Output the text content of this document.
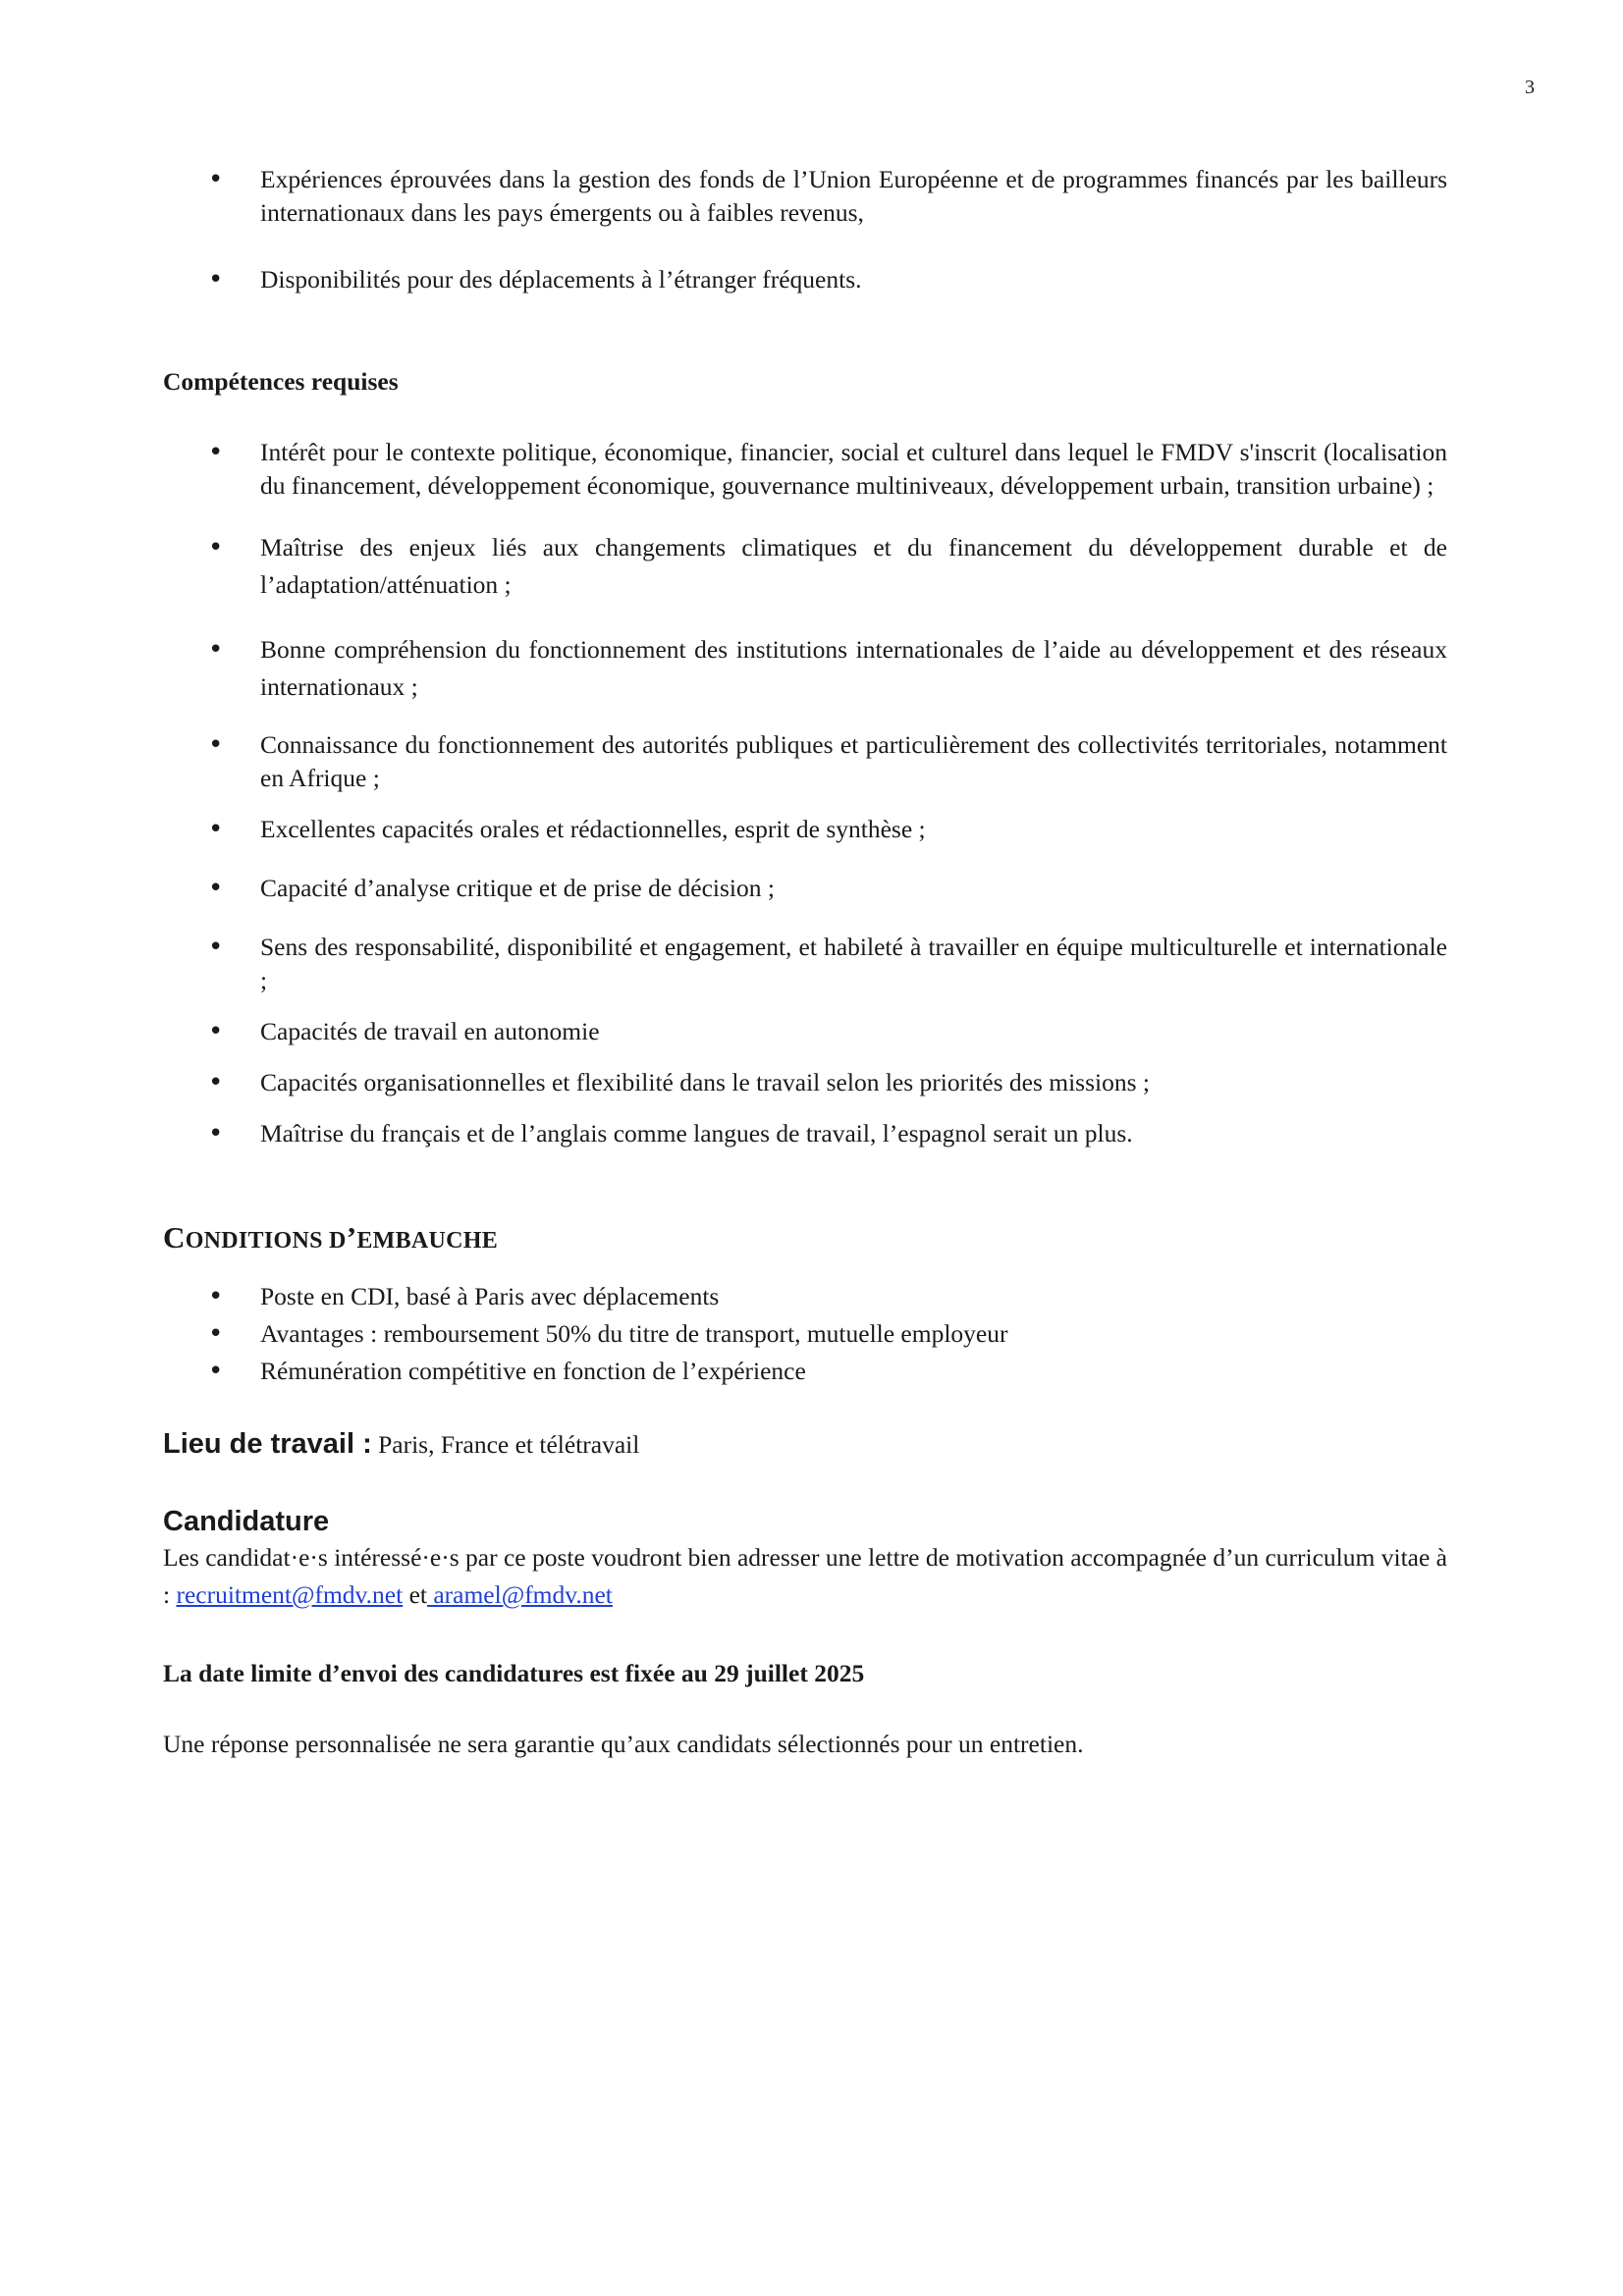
3
• Expériences éprouvées dans la gestion des fonds de l’Union Européenne et de programmes financés par les bailleurs internationaux dans les pays émergents ou à faibles revenus,
• Disponibilités pour des déplacements à l’étranger fréquents.
Compétences requises
• Intérêt pour le contexte politique, économique, financier, social et culturel dans lequel le FMDV s'inscrit (localisation du financement, développement économique, gouvernance multiniveaux, développement urbain, transition urbaine) ;
• Maîtrise des enjeux liés aux changements climatiques et du financement du développement durable et de l’adaptation/atténuation ;
• Bonne compréhension du fonctionnement des institutions internationales de l’aide au développement et des réseaux internationaux ;
• Connaissance du fonctionnement des autorités publiques et particulièrement des collectivités territoriales, notamment en Afrique ;
• Excellentes capacités orales et rédactionnelles, esprit de synthèse ;
• Capacité d’analyse critique et de prise de décision ;
• Sens des responsabilité, disponibilité et engagement, et habileté à travailler en équipe multiculturelle et internationale ;
• Capacités de travail en autonomie
• Capacités organisationnelles et flexibilité dans le travail selon les priorités des missions ;
• Maîtrise du français et de l’anglais comme langues de travail, l’espagnol serait un plus.
CONDITIONS D’EMBAUCHE
• Poste en CDI, basé à Paris avec déplacements
• Avantages : remboursement 50% du titre de transport, mutuelle employeur
• Rémunération compétitive en fonction de l’expérience
Lieu de travail : Paris, France et télétravail
Candidature
Les candidat·e·s intéressé·e·s par ce poste voudront bien adresser une lettre de motivation accompagnée d’un curriculum vitae à : recruitment@fmdv.net et aramel@fmdv.net
La date limite d’envoi des candidatures est fixée au 29 juillet 2025
Une réponse personnalisée ne sera garantie qu’aux candidats sélectionnés pour un entretien.
